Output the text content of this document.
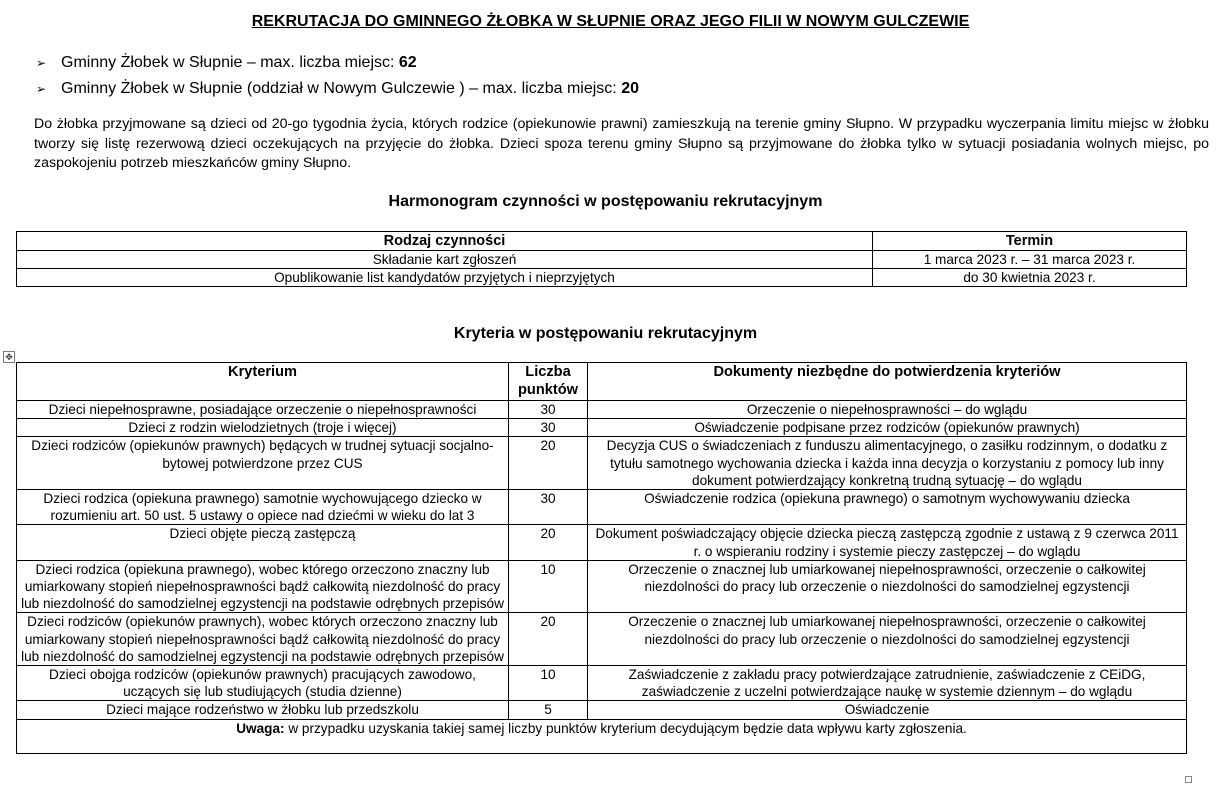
REKRUTACJA DO GMINNEGO ŻŁOBKA W SŁUPNIE ORAZ JEGO FILII W NOWYM GULCZEWIE
➢ Gminny Żłobek w Słupnie – max. liczba miejsc: 62
➢ Gminny Żłobek w Słupnie (oddział w Nowym Gulczewie ) – max. liczba miejsc: 20
Do żłobka przyjmowane są dzieci od 20-go tygodnia życia, których rodzice (opiekunowie prawni) zamieszkują na terenie gminy Słupno. W przypadku wyczerpania limitu miejsc w żłobku tworzy się listę rezerwową dzieci oczekujących na przyjęcie do żłobka. Dzieci spoza terenu gminy Słupno są przyjmowane do żłobka tylko w sytuacji posiadania wolnych miejsc, po zaspokojeniu potrzeb mieszkańców gminy Słupno.
Harmonogram czynności w postępowaniu rekrutacyjnym
Rodzaj czynności	Termin
Składanie kart zgłoszeń	1 marca 2023 r. – 31 marca 2023 r.
Opublikowanie list kandydatów przyjętych i nieprzyjętych	do 30 kwietnia 2023 r.
Kryteria w postępowaniu rekrutacyjnym
✥
Kryterium	Liczba punktów	Dokumenty niezbędne do potwierdzenia kryteriów
Dzieci niepełnosprawne, posiadające orzeczenie o niepełnosprawności	30	Orzeczenie o niepełnosprawności – do wglądu
Dzieci z rodzin wielodzietnych (troje i więcej)	30	Oświadczenie podpisane przez rodziców (opiekunów prawnych)
Dzieci rodziców (opiekunów prawnych) będących w trudnej sytuacji socjalno-bytowej potwierdzone przez CUS	20	Decyzja CUS o świadczeniach z funduszu alimentacyjnego, o zasiłku rodzinnym, o dodatku z tytułu samotnego wychowania dziecka i każda inna decyzja o korzystaniu z pomocy lub inny dokument potwierdzający konkretną trudną sytuację – do wglądu
Dzieci rodzica (opiekuna prawnego) samotnie wychowującego dziecko w rozumieniu art. 50 ust. 5 ustawy o opiece nad dziećmi w wieku do lat 3	30	Oświadczenie rodzica (opiekuna prawnego) o samotnym wychowywaniu dziecka
Dzieci objęte pieczą zastępczą	20	Dokument poświadczający objęcie dziecka pieczą zastępczą zgodnie z ustawą z 9 czerwca 2011 r. o wspieraniu rodziny i systemie pieczy zastępczej – do wglądu
Dzieci rodzica (opiekuna prawnego), wobec którego orzeczono znaczny lub umiarkowany stopień niepełnosprawności bądź całkowitą niezdolność do pracy lub niezdolność do samodzielnej egzystencji na podstawie odrębnych przepisów	10	Orzeczenie o znacznej lub umiarkowanej niepełnosprawności, orzeczenie o całkowitej niezdolności do pracy lub orzeczenie o niezdolności do samodzielnej egzystencji
Dzieci rodziców (opiekunów prawnych), wobec których orzeczono znaczny lub umiarkowany stopień niepełnosprawności bądź całkowitą niezdolność do pracy lub niezdolność do samodzielnej egzystencji na podstawie odrębnych przepisów	20	Orzeczenie o znacznej lub umiarkowanej niepełnosprawności, orzeczenie o całkowitej niezdolności do pracy lub orzeczenie o niezdolności do samodzielnej egzystencji
Dzieci obojga rodziców (opiekunów prawnych) pracujących zawodowo, uczących się lub studiujących (studia dzienne)	10	Zaświadczenie z zakładu pracy potwierdzające zatrudnienie, zaświadczenie z CEiDG, zaświadczenie z uczelni potwierdzające naukę w systemie dziennym – do wglądu
Dzieci mające rodzeństwo w żłobku lub przedszkolu	5	Oświadczenie
Uwaga: w przypadku uzyskania takiej samej liczby punktów kryterium decydującym będzie data wpływu karty zgłoszenia.		
